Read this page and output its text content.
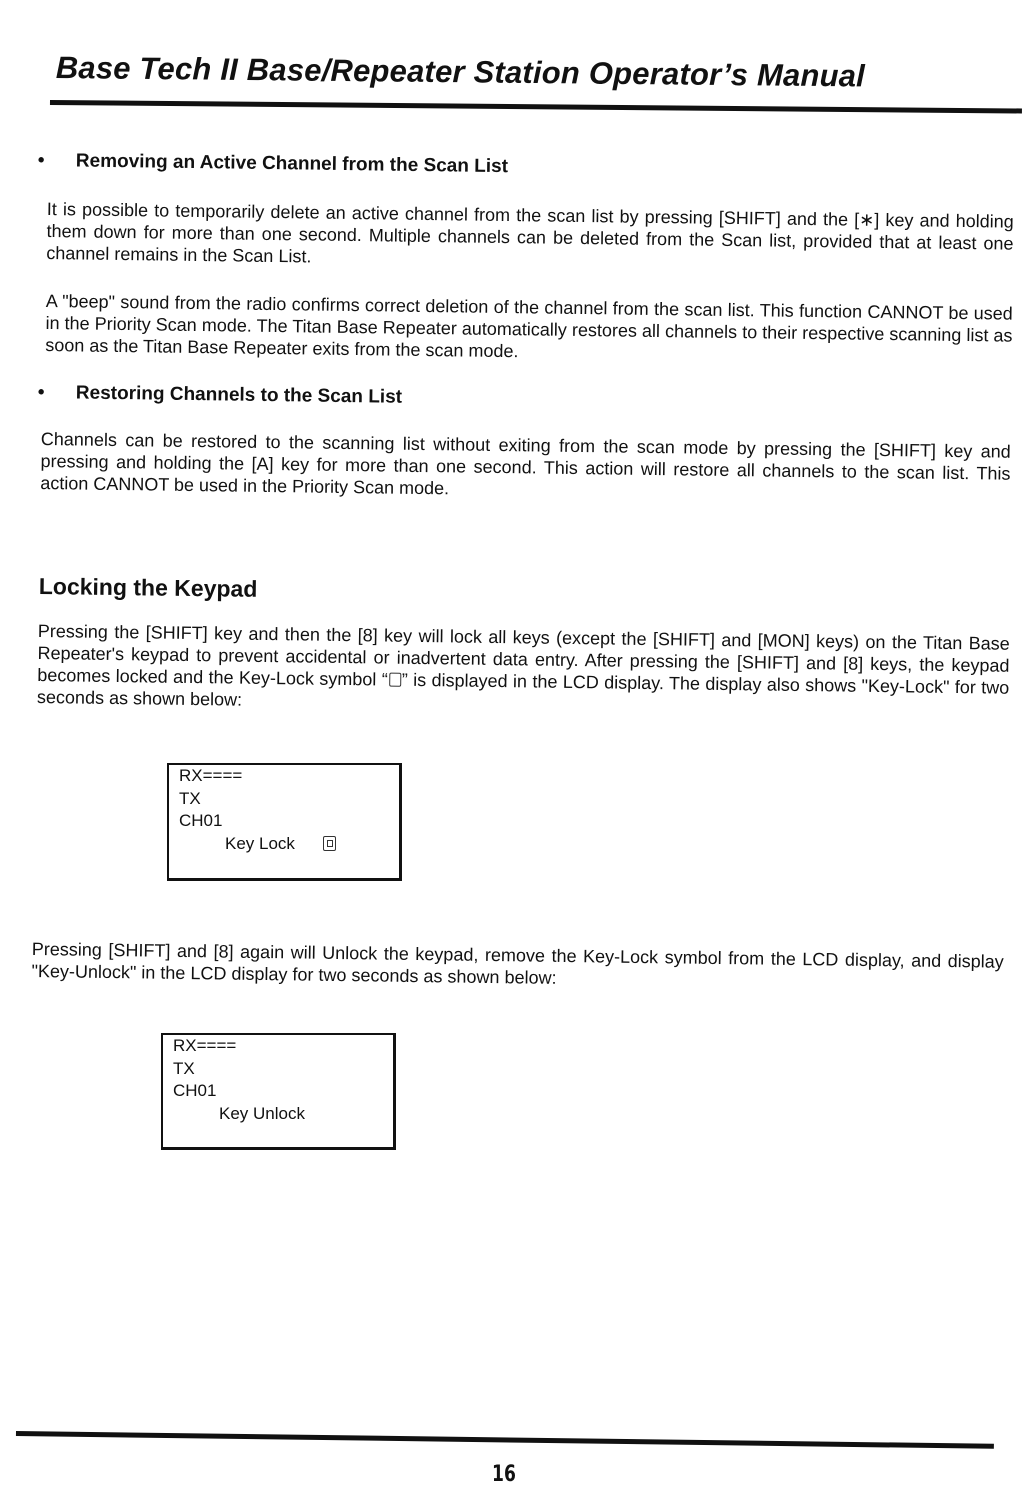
Base Tech II Base/Repeater Station Operator’s Manual
• Removing an Active Channel from the Scan List
It is possible to temporarily delete an active channel from the scan list by pressing [SHIFT] and the [∗] key and holding them down for more than one second. Multiple channels can be deleted from the Scan list, provided that at least one channel remains in the Scan List.
A "beep" sound from the radio confirms correct deletion of the channel from the scan list. This function CANNOT be used in the Priority Scan mode. The Titan Base Repeater automatically restores all channels to their respective scanning list as soon as the Titan Base Repeater exits from the scan mode.
• Restoring Channels to the Scan List
Channels can be restored to the scanning list without exiting from the scan mode by pressing the [SHIFT] key and pressing and holding the [A] key for more than one second. This action will restore all channels to the scan list. This action CANNOT be used in the Priority Scan mode.
Locking the Keypad
Pressing the [SHIFT] key and then the [8] key will lock all keys (except the [SHIFT] and [MON] keys) on the Titan Base Repeater's keypad to prevent accidental or inadvertent data entry. After pressing the [SHIFT] and [8] keys, the keypad becomes locked and the Key-Lock symbol “ ” is displayed in the LCD display. The display also shows "Key-Lock" for two seconds as shown below:
RX====
TX
CH01
Key Lock
Pressing [SHIFT] and [8] again will Unlock the keypad, remove the Key-Lock symbol from the LCD display, and display "Key-Unlock" in the LCD display for two seconds as shown below:
RX====
TX
CH01
Key Unlock
16
